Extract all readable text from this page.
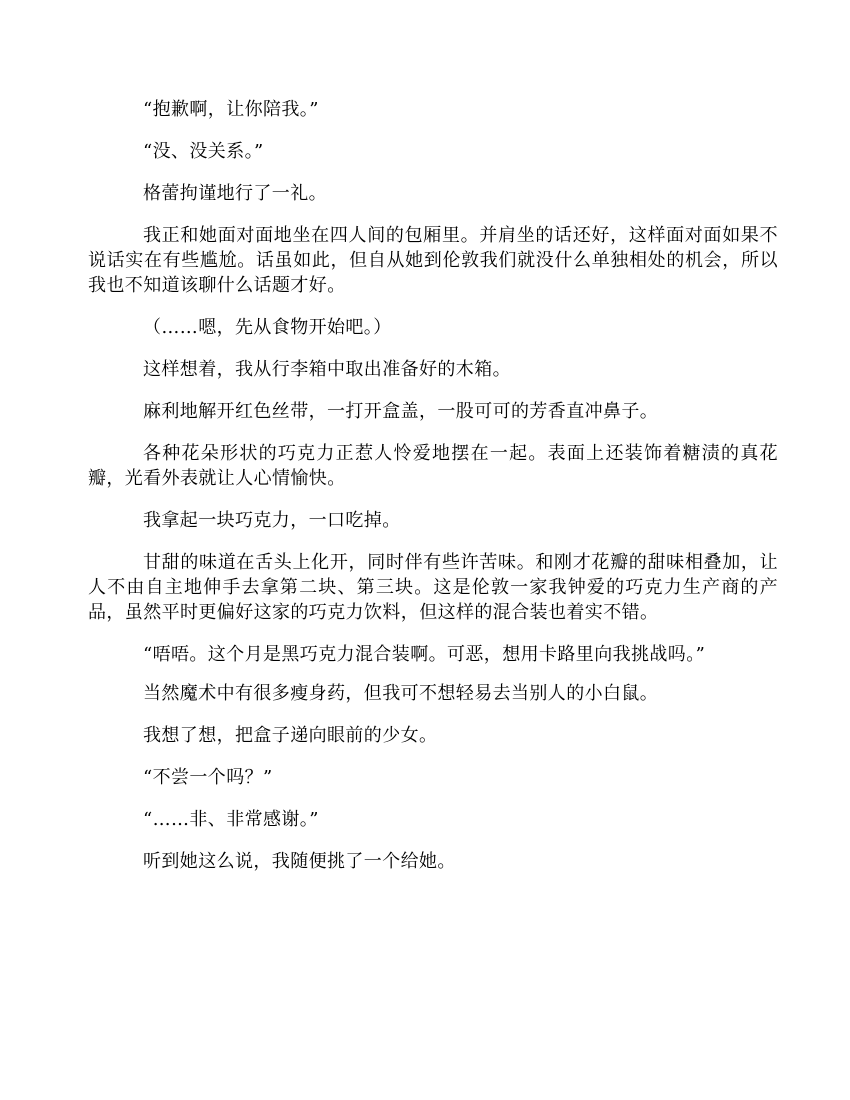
“抱歉啊，让你陪我。”

“没、没关系。”

格蕾拘谨地行了一礼。

我正和她面对面地坐在四人间的包厢里。并肩坐的话还好，这样面对面如果不说话实在有些尴尬。话虽如此，但自从她到伦敦我们就没什么单独相处的机会，所以我也不知道该聊什么话题才好。

（……嗯，先从食物开始吧。）

这样想着，我从行李箱中取出准备好的木箱。

麻利地解开红色丝带，一打开盒盖，一股可可的芳香直冲鼻子。

各种花朵形状的巧克力正惹人怜爱地摆在一起。表面上还装饰着糖渍的真花瓣，光看外表就让人心情愉快。

我拿起一块巧克力，一口吃掉。

甘甜的味道在舌头上化开，同时伴有些许苦味。和刚才花瓣的甜味相叠加，让人不由自主地伸手去拿第二块、第三块。这是伦敦一家我钟爱的巧克力生产商的产品，虽然平时更偏好这家的巧克力饮料，但这样的混合装也着实不错。

“唔唔。这个月是黑巧克力混合装啊。可恶，想用卡路里向我挑战吗。”

当然魔术中有很多瘦身药，但我可不想轻易去当别人的小白鼠。

我想了想，把盒子递向眼前的少女。

“不尝一个吗？”

“……非、非常感谢。”

听到她这么说，我随便挑了一个给她。
